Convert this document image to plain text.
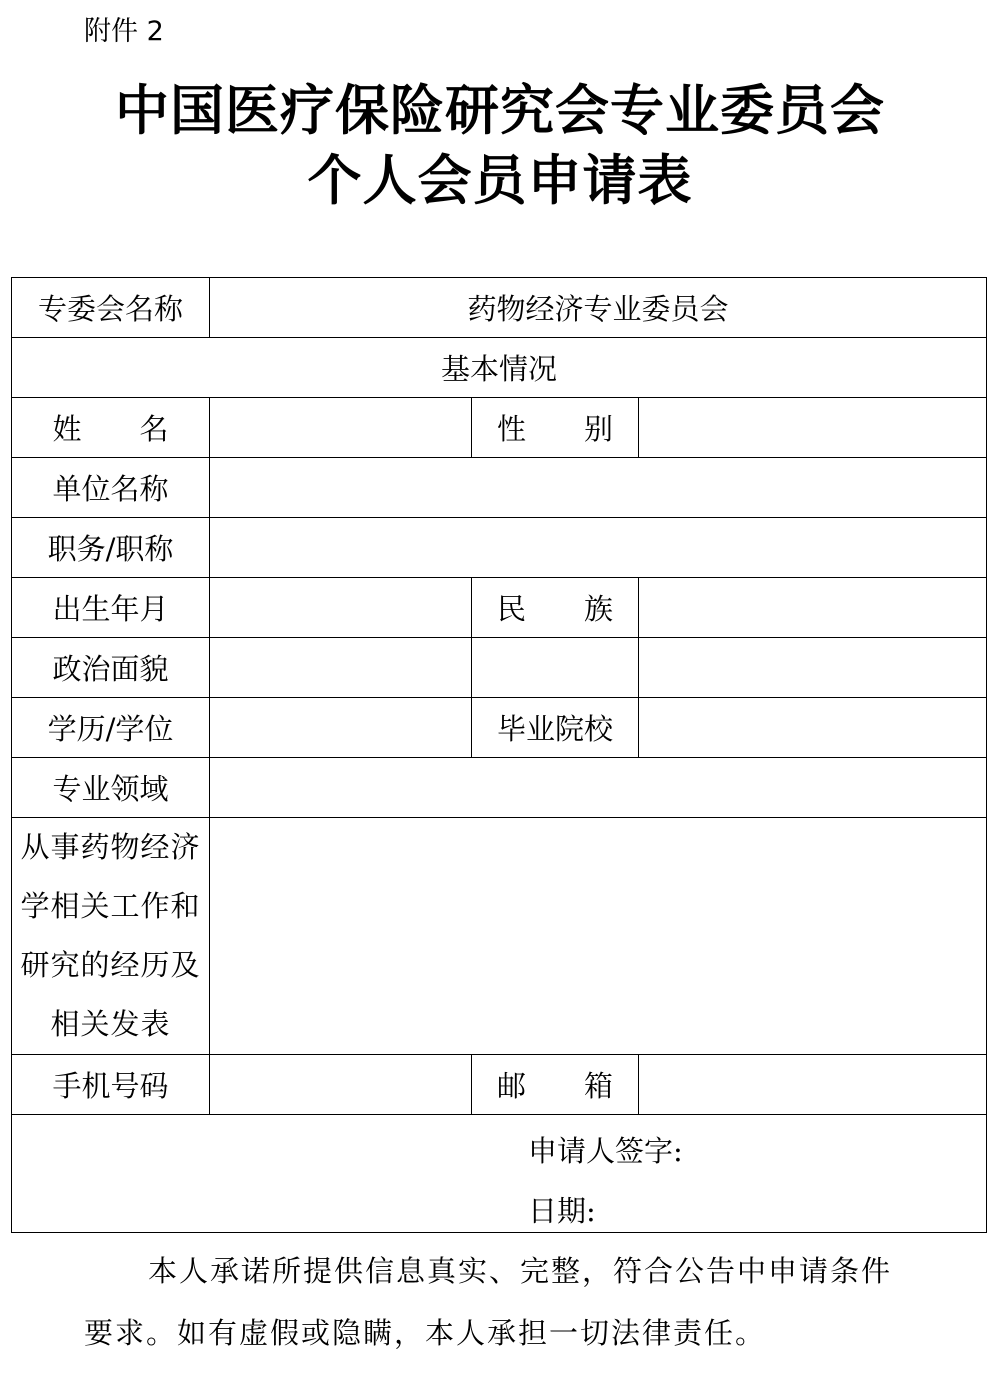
附件 2
中国医疗保险研究会专业委员会
个人会员申请表
专委会名称	药物经济专业委员会		
基本情况			
姓　　名		性　　别	
单位名称			
职务/职称			
出生年月		民　　族	
政治面貌			
学历/学位		毕业院校	
专业领域			

从事药物经济
学相关工作和
研究的经历及
相关发表			

手机号码		邮　　箱	

申请人签字:
日期:			
本人承诺所提供信息真实、完整，符合公告中申请条件
要求。如有虚假或隐瞒，本人承担一切法律责任。
